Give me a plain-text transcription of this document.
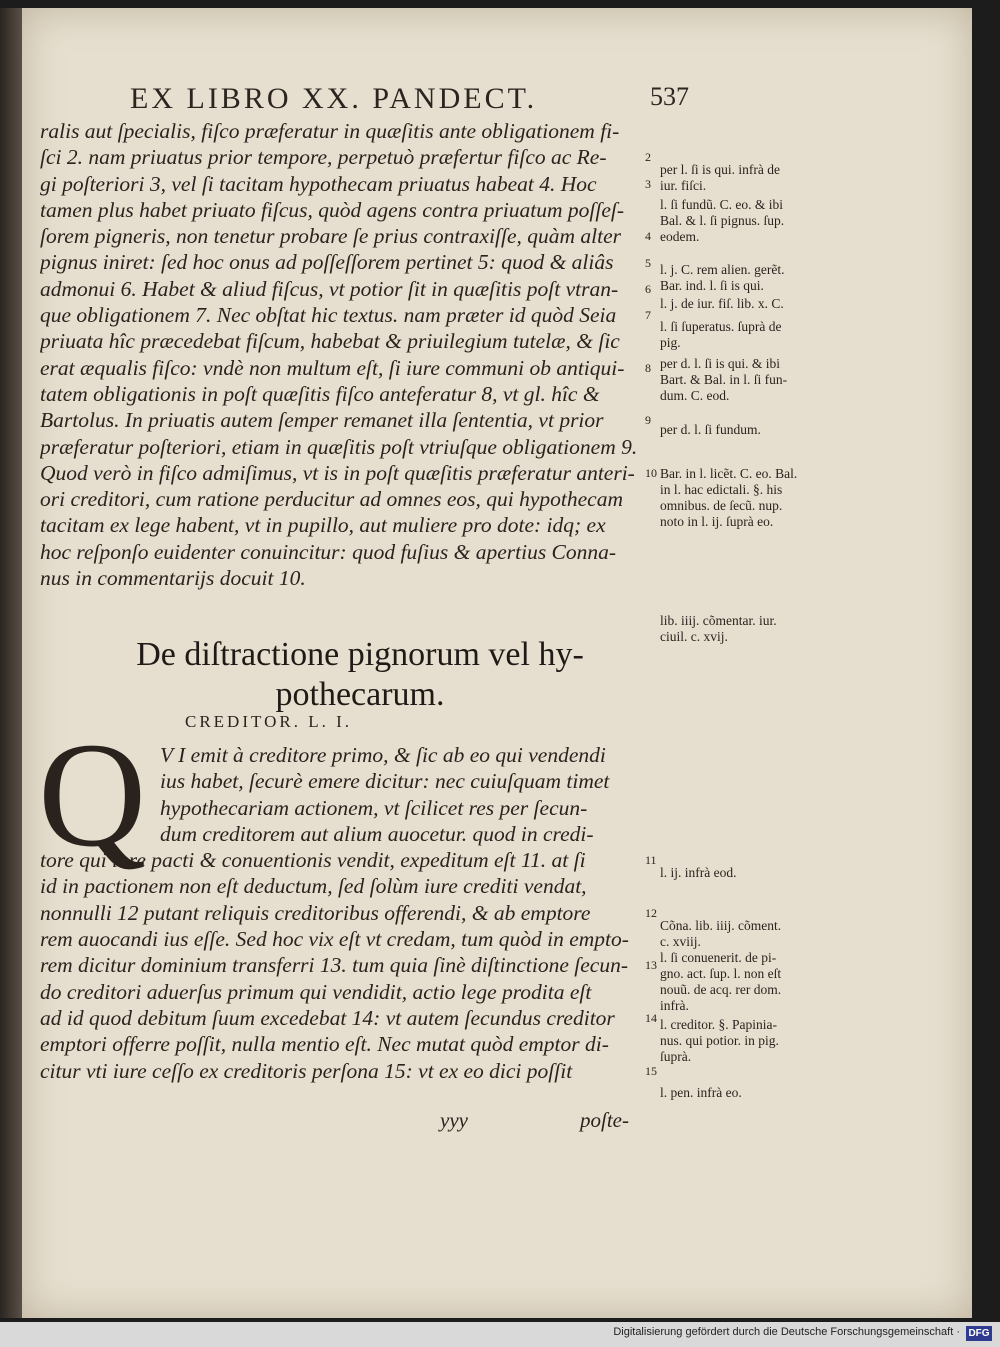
EX LIBRO XX. PANDECT.	537
ralis aut ſpecialis, fiſco præferatur in quæſitis ante obligationem fi-
ſci 2. nam priuatus prior tempore, perpetuò præfertur fiſco ac Re-
gi poſteriori 3, vel ſi tacitam hypothecam priuatus habeat 4. Hoc
tamen plus habet priuato fiſcus, quòd agens contra priuatum poſſeſ-
ſorem pigneris, non tenetur probare ſe prius contraxiſſe, quàm alter
pignus iniret: ſed hoc onus ad poſſeſſorem pertinet 5: quod & aliâs
admonui 6. Habet & aliud fiſcus, vt potior ſit in quæſitis poſt vtran-
que obligationem 7. Nec obſtat hic textus. nam præter id quòd Seia
priuata hîc præcedebat fiſcum, habebat & priuilegium tutelæ, & ſic
erat æqualis fiſco: vndè non multum eſt, ſi iure communi ob antiqui-
tatem obligationis in poſt quæſitis fiſco anteferatur 8, vt gl. hîc &
Bartolus. In priuatis autem ſemper remanet illa ſententia, vt prior
præferatur poſteriori, etiam in quæſitis poſt vtriuſque obligationem 9.
Quod verò in fiſco admiſimus, vt is in poſt quæſitis præferatur anteri-
ori creditori, cum ratione perducitur ad omnes eos, qui hypothecam
tacitam ex lege habent, vt in pupillo, aut muliere pro dote: idq; ex
hoc reſponſo euidenter conuincitur: quod fuſius & apertius Conna-
nus in commentarijs docuit 10.
2
3
4
5
6
7
8
9
10
per l. ſi is qui. infrà de
iur. fiſci.
l. ſi fundũ. C. eo. & ibi
Bal. & l. ſi pignus. ſup.
eodem.
l. j. C. rem alien. gerẽt.
Bar. ind. l. ſi is qui.
l. j. de iur. fiſ. lib. x. C.
l. ſi ſuperatus. ſuprà de
pig.
per d. l. ſi is qui. & ibi
Bart. & Bal. in l. ſi fun-
dum. C. eod.
per d. l. ſi fundum.
Bar. in l. licẽt. C. eo. Bal.
in l. hac edictali. §. his
omnibus. de ſecũ. nup.
noto in l. ij. ſuprà eo.
lib. iiij. cõmentar. iur.
ciuil. c. xvij.
De diſtractione pignorum vel hy-
pothecarum.
CREDITOR. L. I.
Q V I emit à creditore primo, & ſic ab eo qui vendendi
ius habet, ſecurè emere dicitur: nec cuiuſquam timet
hypothecariam actionem, vt ſcilicet res per ſecun-
dum creditorem aut alium auocetur. quod in credi-
tore qui iure pacti & conuentionis vendit, expeditum eſt 11. at ſi
id in pactionem non eſt deductum, ſed ſolùm iure crediti vendat,
nonnulli 12 putant reliquis creditoribus offerendi, & ab emptore
rem auocandi ius eſſe. Sed hoc vix eſt vt credam, tum quòd in empto-
rem dicitur dominium transferri 13. tum quia ſinè diſtinctione ſecun-
do creditori aduerſus primum qui vendidit, actio lege prodita eſt
ad id quod debitum ſuum excedebat 14: vt autem ſecundus creditor
emptori offerre poſſit, nulla mentio eſt. Nec mutat quòd emptor di-
citur vti iure ceſſo ex creditoris perſona 15: vt ex eo dici poſſit
11
12
13
14
15
l. ij. infrà eod.
Cõna. lib. iiij. cõment.
c. xviij.
l. ſi conuenerit. de pi-
gno. act. ſup. l. non eſt
nouũ. de acq. rer dom.
infrà.
l. creditor. §. Papinia-
nus. qui potior. in pig.
ſuprà.
l. pen. infrà eo.
yyy	poſte-
Digitalisierung gefördert durch die Deutsche Forschungsgemeinschaft · DFG
